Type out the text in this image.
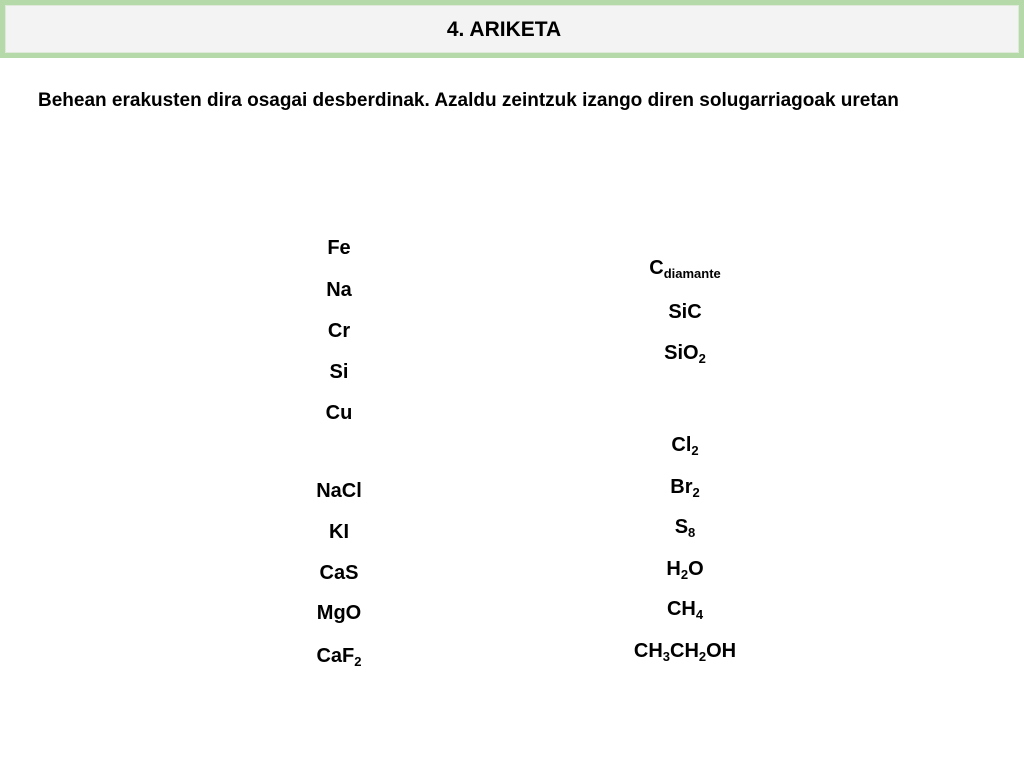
4. ARIKETA
Behean erakusten dira osagai desberdinak. Azaldu zeintzuk izango diren solugarriagoak uretan
Fe
Na
Cr
Si
Cu
NaCl
KI
CaS
MgO
CaF$_2$
$C_{diamante}$
SiC
SiO$_2$
$Cl_2$
$Br_2$
$S_8$
$H_2O$
$CH_4$
$CH_3CH_2OH$
